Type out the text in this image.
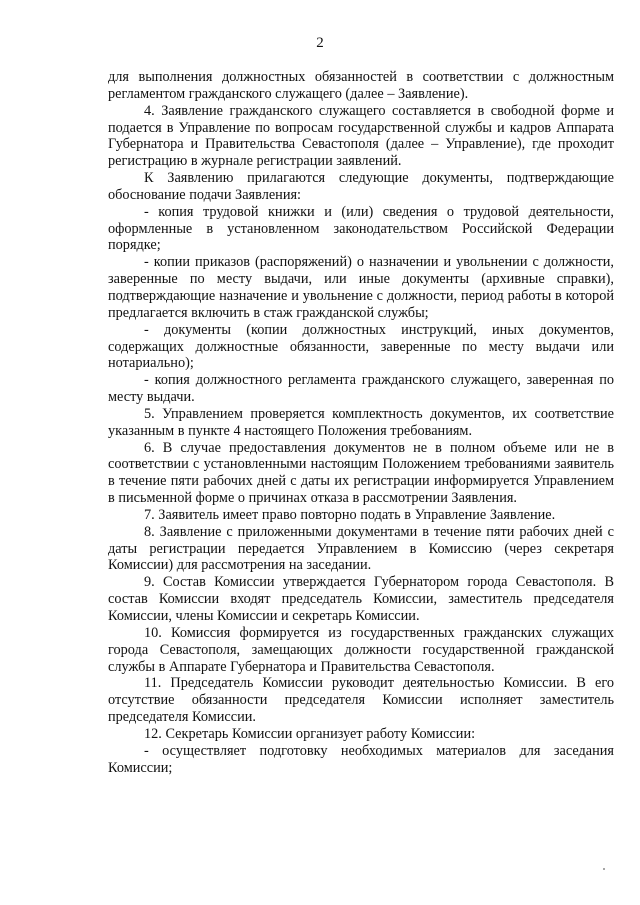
2

для выполнения должностных обязанностей в соответствии с должностным регламентом гражданского служащего (далее – Заявление).

4. Заявление гражданского служащего составляется в свободной форме и подается в Управление по вопросам государственной службы и кадров Аппарата Губернатора и Правительства Севастополя (далее – Управление), где проходит регистрацию в журнале регистрации заявлений.

К Заявлению прилагаются следующие документы, подтверждающие обоснование подачи Заявления:

- копия трудовой книжки и (или) сведения о трудовой деятельности, оформленные в установленном законодательством Российской Федерации порядке;

- копии приказов (распоряжений) о назначении и увольнении с должности, заверенные по месту выдачи, или иные документы (архивные справки), подтверждающие назначение и увольнение с должности, период работы в которой предлагается включить в стаж гражданской службы;

- документы (копии должностных инструкций, иных документов, содержащих должностные обязанности, заверенные по месту выдачи или нотариально);

- копия должностного регламента гражданского служащего, заверенная по месту выдачи.

5. Управлением проверяется комплектность документов, их соответствие указанным в пункте 4 настоящего Положения требованиям.

6. В случае предоставления документов не в полном объеме или не в соответствии с установленными настоящим Положением требованиями заявитель в течение пяти рабочих дней с даты их регистрации информируется Управлением в письменной форме о причинах отказа в рассмотрении Заявления.

7. Заявитель имеет право повторно подать в Управление Заявление.

8. Заявление с приложенными документами в течение пяти рабочих дней с даты регистрации передается Управлением в Комиссию (через секретаря Комиссии) для рассмотрения на заседании.

9. Состав Комиссии утверждается Губернатором города Севастополя. В состав Комиссии входят председатель Комиссии, заместитель председателя Комиссии, члены Комиссии и секретарь Комиссии.

10. Комиссия формируется из государственных гражданских служащих города Севастополя, замещающих должности государственной гражданской службы в Аппарате Губернатора и Правительства Севастополя.

11. Председатель Комиссии руководит деятельностью Комиссии. В его отсутствие обязанности председателя Комиссии исполняет заместитель председателя Комиссии.

12. Секретарь Комиссии организует работу Комиссии:

- осуществляет подготовку необходимых материалов для заседания Комиссии;
